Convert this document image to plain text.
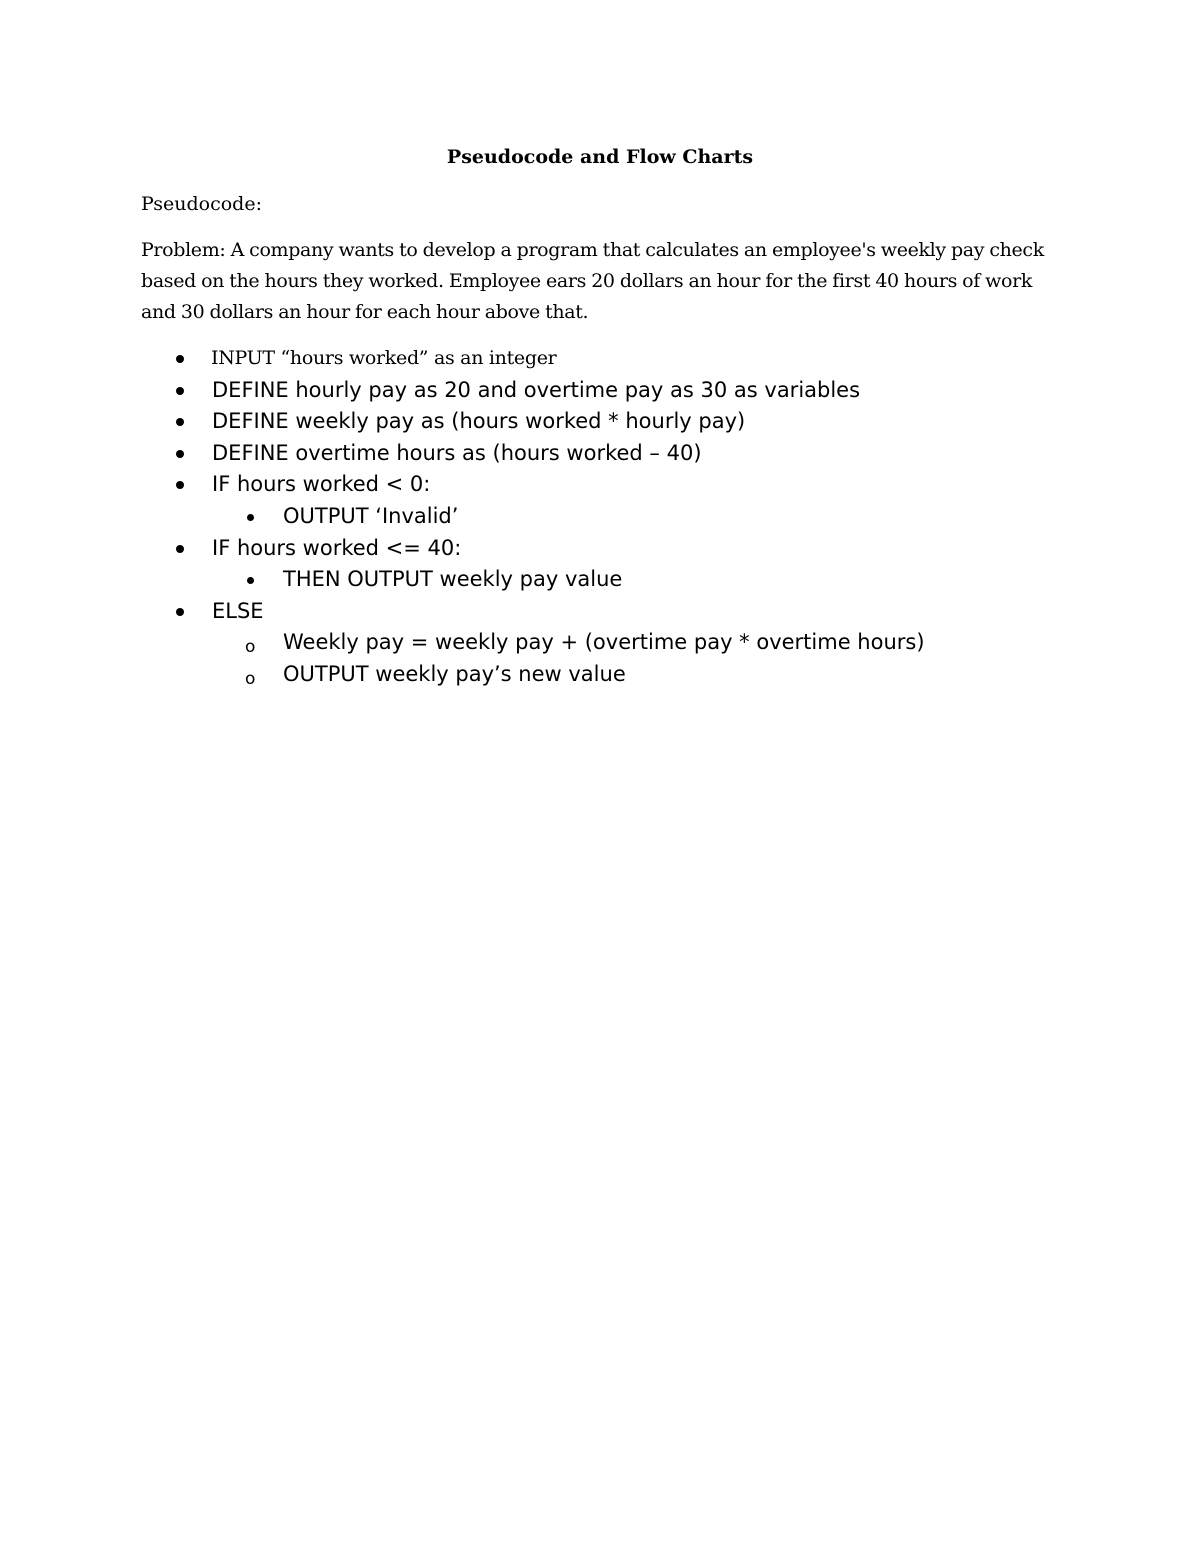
Pseudocode and Flow Charts

Pseudocode:

Problem: A company wants to develop a program that calculates an employee's weekly pay check based on the hours they worked. Employee ears 20 dollars an hour for the first 40 hours of work and 30 dollars an hour for each hour above that.

INPUT “hours worked” as an integer
DEFINE hourly pay as 20 and overtime pay as 30 as variables
DEFINE weekly pay as (hours worked * hourly pay)
DEFINE overtime hours as (hours worked – 40)
IF hours worked < 0:
OUTPUT ‘Invalid’
IF hours worked <= 40:
THEN OUTPUT weekly pay value
ELSE
o Weekly pay = weekly pay + (overtime pay * overtime hours)
o OUTPUT weekly pay’s new value
